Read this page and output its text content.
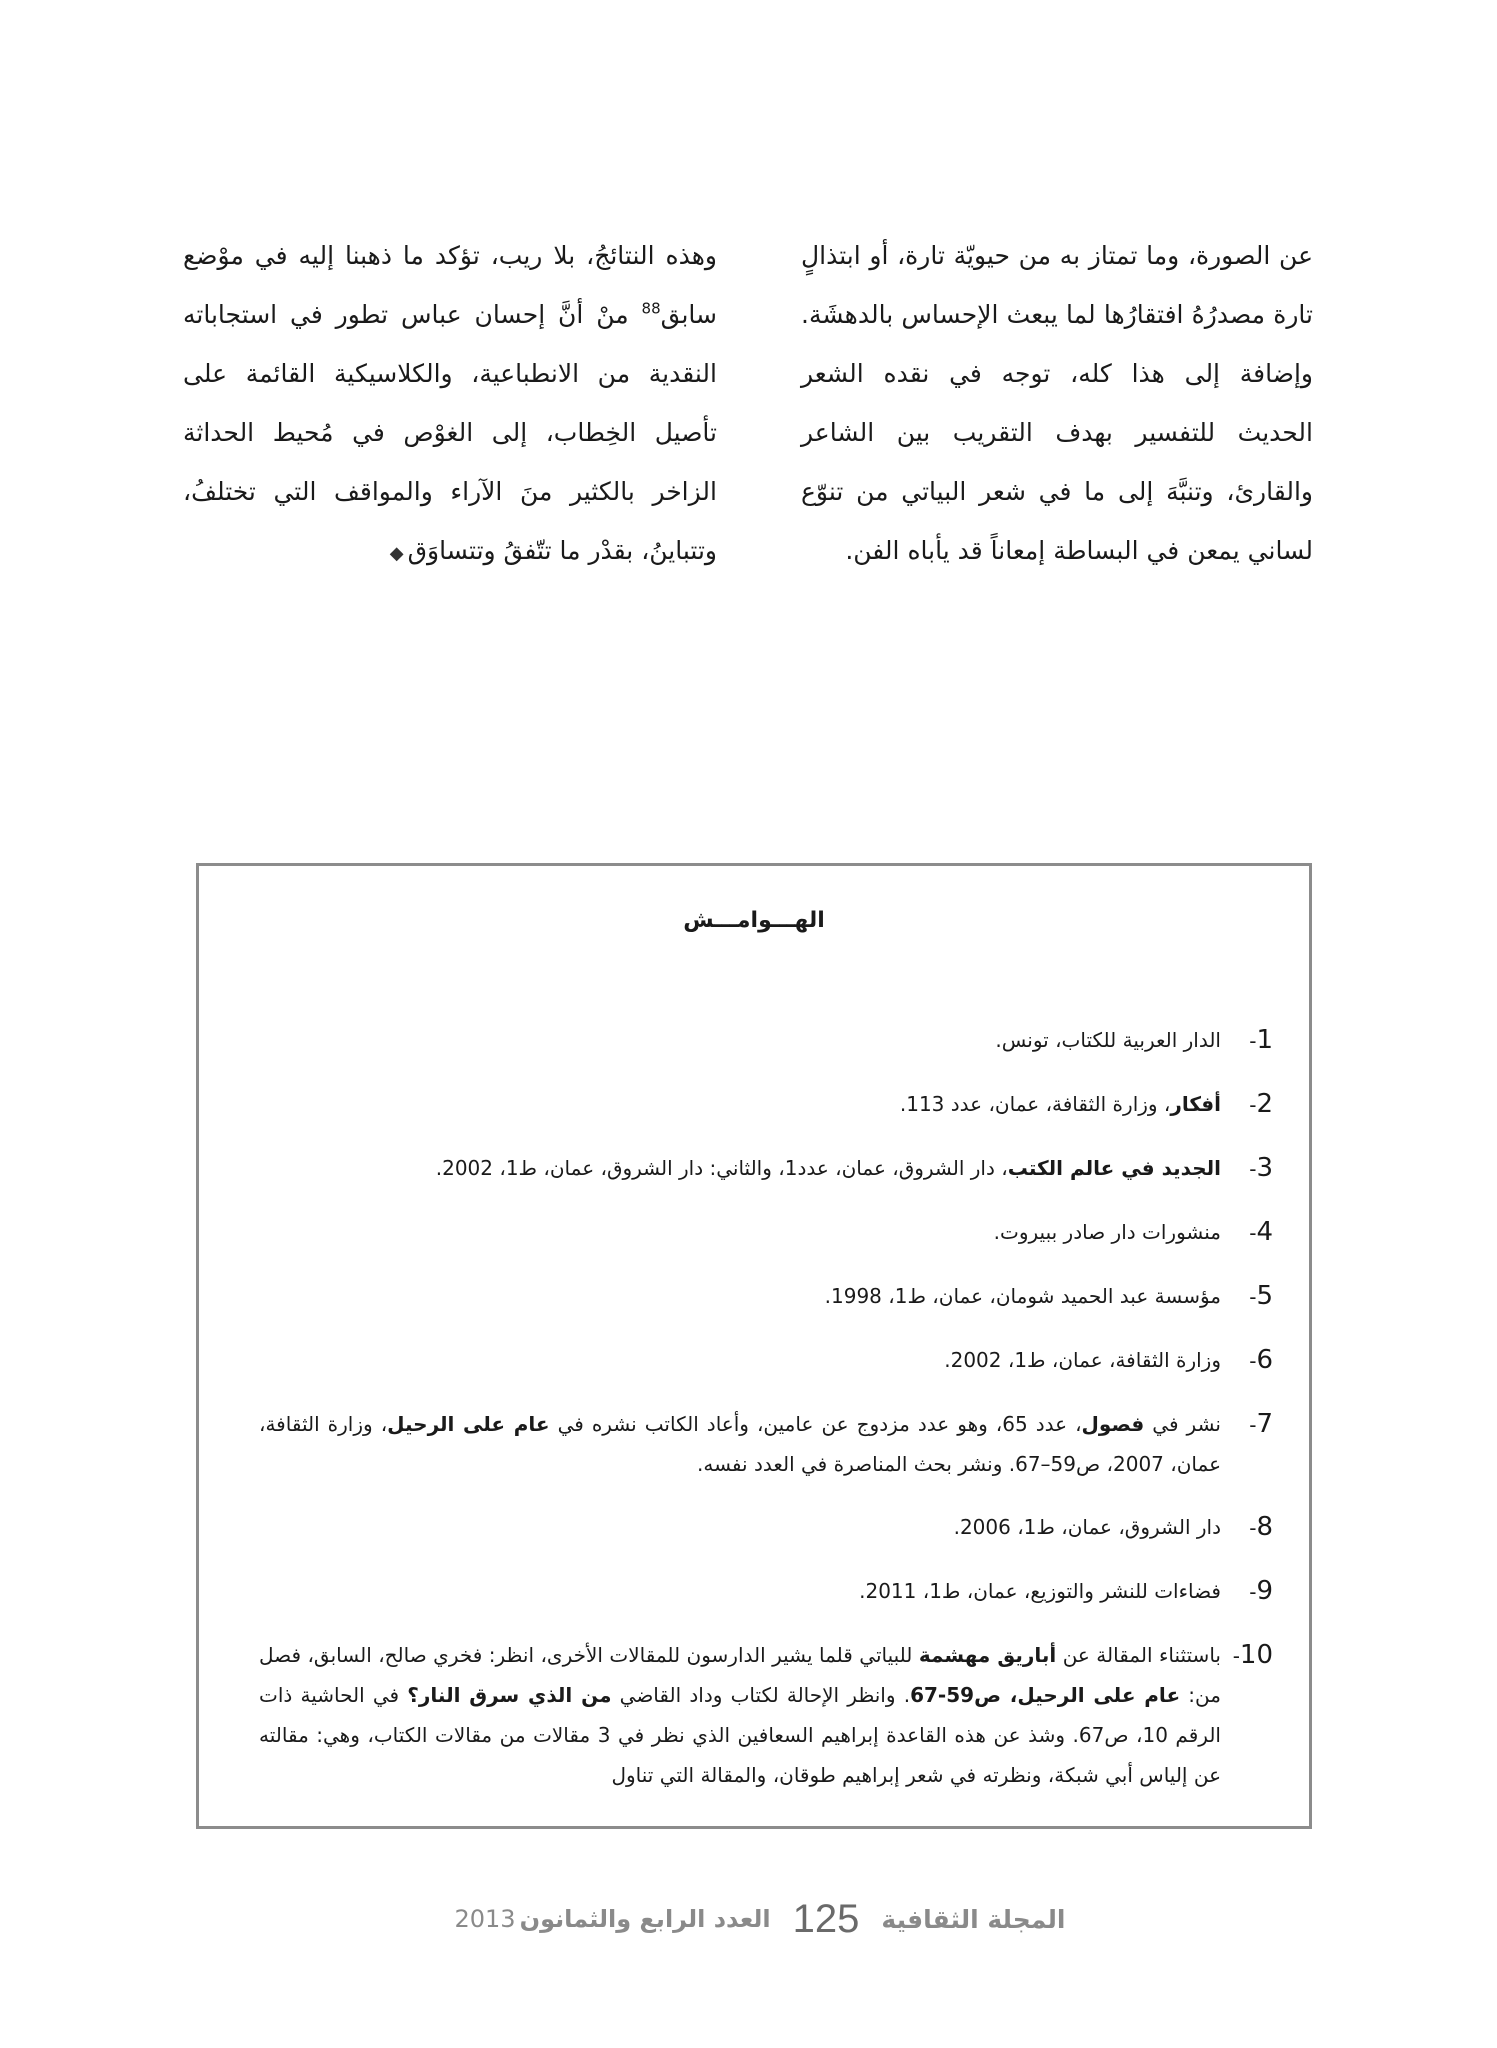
عن الصورة، وما تمتاز به من حيويّة تارة، أو ابتذالٍ تارة مصدرُهُ افتقارُها لما يبعث الإحساس بالدهشَة. وإضافة إلى هذا كله، توجه في نقده الشعر الحديث للتفسير بهدف التقريب بين الشاعر والقارئ، وتنبَّهَ إلى ما في شعر البياتي من تنوّع لساني يمعن في البساطة إمعاناً قد يأباه الفن.

وهذه النتائجُ، بلا ريب، تؤكد ما ذهبنا إليه في موْضع سابق$^{88}$ منْ أنَّ إحسان عباس تطور في استجاباته النقدية من الانطباعية، والكلاسيكية القائمة على تأصيل الخِطاب، إلى الغوْص في مُحيط الحداثة الزاخر بالكثير منَ الآراء والمواقف التي تختلفُ، وتتباينُ، بقدْر ما تتّفقُ وتتساوَق◆

الهـــوامـــش
1-
الدار العربية للكتاب، تونس.
2-
أفكار، وزارة الثقافة، عمان، عدد 113.
3-
الجديد في عالم الكتب، دار الشروق، عمان، عدد1، والثاني: دار الشروق، عمان، ط1، 2002.
4-
منشورات دار صادر ببيروت.
5-
مؤسسة عبد الحميد شومان، عمان، ط1، 1998.
6-
وزارة الثقافة، عمان، ط1، 2002.
7-
نشر في فصول، عدد 65، وهو عدد مزدوج عن عامين، وأعاد الكاتب نشره في عام على الرحيل، وزارة الثقافة، عمان، 2007، ص59–67. ونشر بحث المناصرة في العدد نفسه.
8-
دار الشروق، عمان، ط1، 2006.
9-
فضاءات للنشر والتوزيع، عمان، ط1، 2011.
10-
باستثناء المقالة عن أباريق مهشمة للبياتي قلما يشير الدارسون للمقالات الأخرى، انظر: فخري صالح، السابق، فصل من: عام على الرحيل، ص59-67. وانظر الإحالة لكتاب وداد القاضي من الذي سرق النار؟ في الحاشية ذات الرقم 10، ص67. وشذ عن هذه القاعدة إبراهيم السعافين الذي نظر في 3 مقالات من مقالات الكتاب، وهي: مقالته عن إلياس أبي شبكة، ونظرته في شعر إبراهيم طوقان، والمقالة التي تناول
المجلة الثقافية
125
العدد الرابع والثمانون
2013
